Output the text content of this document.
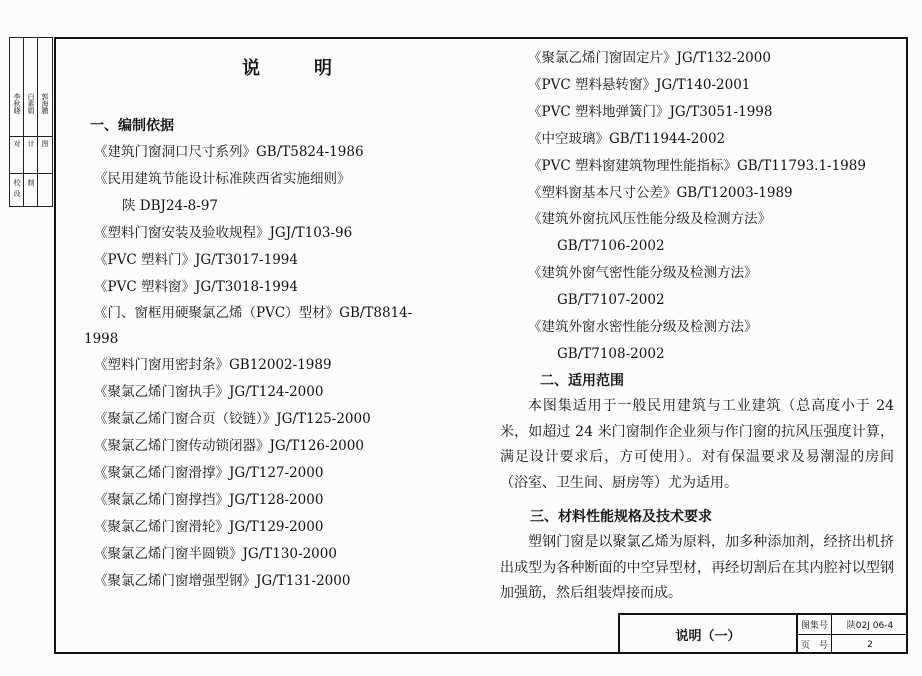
校
设
对
制
计 图
李秋晓 白素娟 郭海鹏
说　明
一、编制依据
《建筑门窗洞口尺寸系列》GB/T5824-1986
《民用建筑节能设计标准陕西省实施细则》
陕 DBJ24-8-97
《塑料门窗安装及验收规程》JGJ/T103-96
《PVC 塑料门》JG/T3017-1994
《PVC 塑料窗》JG/T3018-1994
《门、窗框用硬聚氯乙烯（PVC）型材》GB/T8814-
1998
《塑料门窗用密封条》GB12002-1989
《聚氯乙烯门窗执手》JG/T124-2000
《聚氯乙烯门窗合页（铰链）》JG/T125-2000
《聚氯乙烯门窗传动锁闭器》JG/T126-2000
《聚氯乙烯门窗滑撑》JG/T127-2000
《聚氯乙烯门窗撑挡》JG/T128-2000
《聚氯乙烯门窗滑轮》JG/T129-2000
《聚氯乙烯门窗半圆锁》JG/T130-2000
《聚氯乙烯门窗增强型钢》JG/T131-2000
《聚氯乙烯门窗固定片》JG/T132-2000
《PVC 塑料悬转窗》JG/T140-2001
《PVC 塑料地弹簧门》JG/T3051-1998
《中空玻璃》GB/T11944-2002
《PVC 塑料窗建筑物理性能指标》GB/T11793.1-1989
《塑料窗基本尺寸公差》GB/T12003-1989
《建筑外窗抗风压性能分级及检测方法》
GB/T7106-2002
《建筑外窗气密性能分级及检测方法》
GB/T7107-2002
《建筑外窗水密性能分级及检测方法》
GB/T7108-2002
二、适用范围
本图集适用于一般民用建筑与工业建筑（总高度小于 24 米，如超过 24 米门窗制作企业须与作门窗的抗风压强度计算，满足设计要求后，方可使用）。对有保温要求及易潮湿的房间（浴室、卫生间、厨房等）尤为适用。
三、材料性能规格及技术要求
塑钢门窗是以聚氯乙烯为原料，加多种添加剂，经挤出机挤出成型为各种断面的中空异型材，再经切割后在其内腔衬以型钢加强筋，然后组装焊接而成。
说明（一）
图集号	陕02J 06-4
页　号	2
